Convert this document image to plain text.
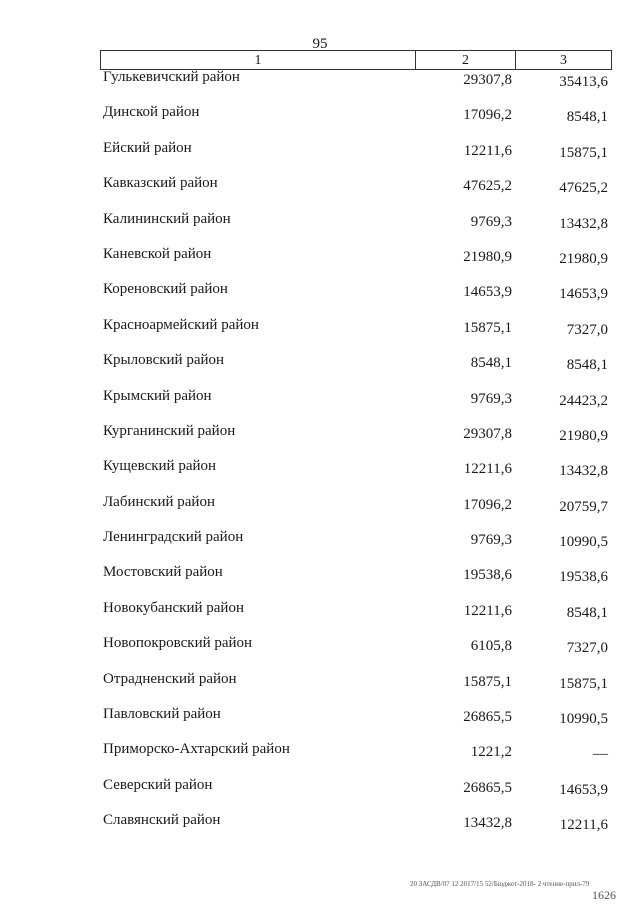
95
1	2	3
Гулькевичский район	29307,8	35413,6
Динской район	17096,2	8548,1
Ейский район	12211,6	15875,1
Кавказский район	47625,2	47625,2
Калининский район	9769,3	13432,8
Каневской район	21980,9	21980,9
Кореновский район	14653,9	14653,9
Красноармейский район	15875,1	7327,0
Крыловский район	8548,1	8548,1
Крымский район	9769,3	24423,2
Курганинский район	29307,8	21980,9
Кущевский район	12211,6	13432,8
Лабинский район	17096,2	20759,7
Ленинградский район	9769,3	10990,5
Мостовский район	19538,6	19538,6
Новокубанский район	12211,6	8548,1
Новопокровский район	6105,8	7327,0
Отрадненский район	15875,1	15875,1
Павловский район	26865,5	10990,5
Приморско-Ахтарский район	1221,2	—
Северский район	26865,5	14653,9
Славянский район	13432,8	12211,6
20 ЗАСДВ/07 12 2017/15 52/Бюджет-2018- 2 чтение-прил-79
1626
